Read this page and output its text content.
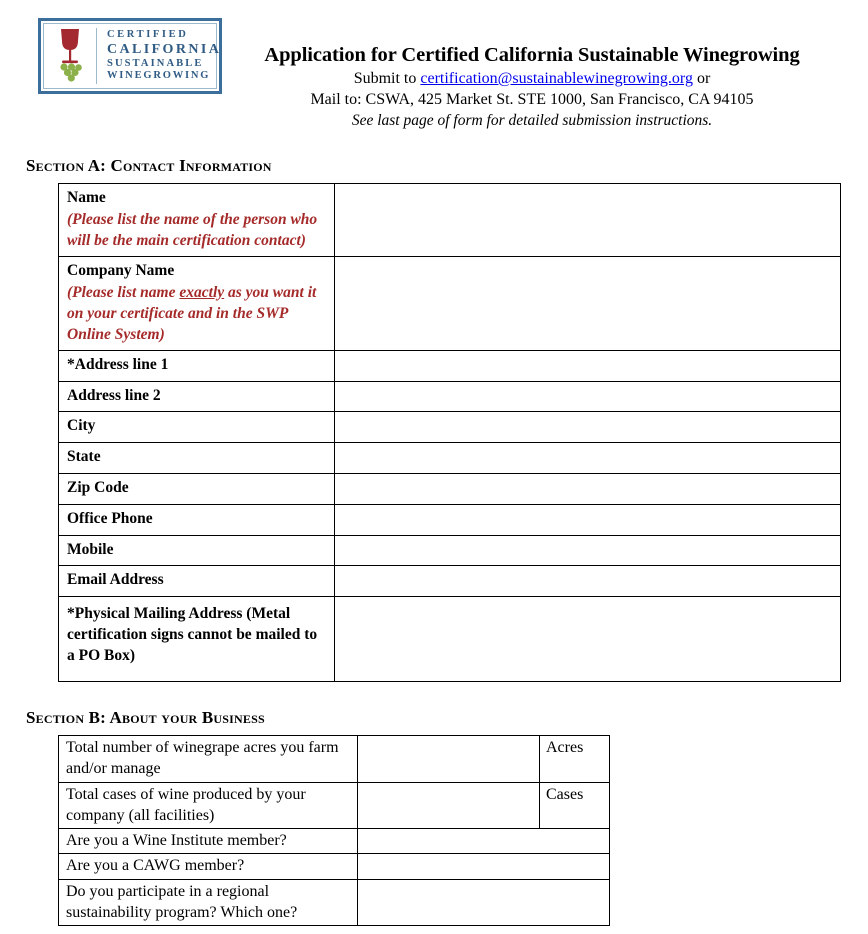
CERTIFIED
CALIFORNIA
SUSTAINABLE
WINEGROWING
Application for Certified California Sustainable Winegrowing
Submit to certification@sustainablewinegrowing.org or
Mail to: CSWA, 425 Market St. STE 1000, San Francisco, CA 94105
See last page of form for detailed submission instructions.
Section A: Contact Information
Name
(Please list the name of the person who will be the main certification contact)	

Company Name
(Please list name exactly as you want it on your certificate and in the SWP Online System)	

*Address line 1	

Address line 2	

City	

State	

Zip Code	

Office Phone	

Mobile	

Email Address	

*Physical Mailing Address (Metal certification signs cannot be mailed to a PO Box)	

Section B: About your Business
Total number of winegrape acres you farm and/or manage		Acres
Total cases of wine produced by your company (all facilities)		Cases
Are you a Wine Institute member?		
Are you a CAWG member?		
Do you participate in a regional sustainability program? Which one?		
